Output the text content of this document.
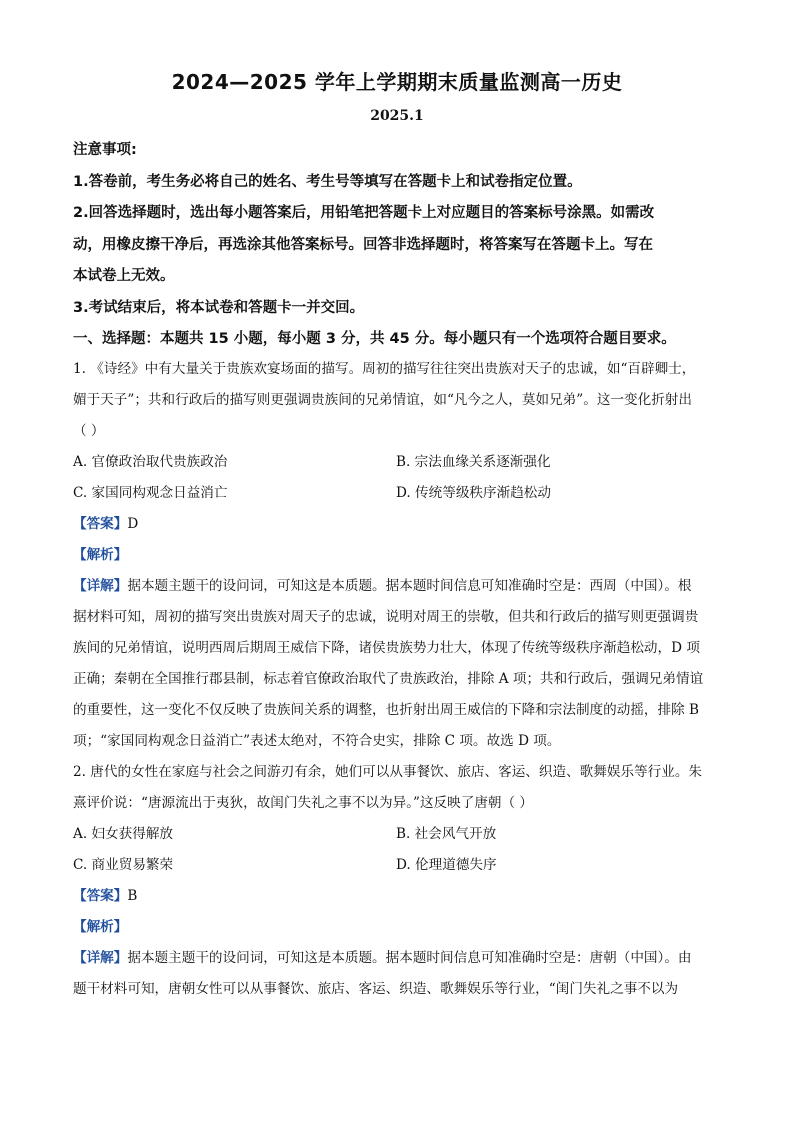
2024—2025 学年上学期期末质量监测高一历史
2025.1
注意事项:
1.答卷前，考生务必将自己的姓名、考生号等填写在答题卡上和试卷指定位置。
2.回答选择题时，选出每小题答案后，用铅笔把答题卡上对应题目的答案标号涂黑。如需改
动，用橡皮擦干净后，再选涂其他答案标号。回答非选择题时，将答案写在答题卡上。写在
本试卷上无效。
3.考试结束后，将本试卷和答题卡一并交回。
一、选择题：本题共 15 小题，每小题 3 分，共 45 分。每小题只有一个选项符合题目要求。
1. 《诗经》中有大量关于贵族欢宴场面的描写。周初的描写往往突出贵族对天子的忠诚，如“百辟卿士，
媚于天子”；共和行政后的描写则更强调贵族间的兄弟情谊，如“凡今之人，莫如兄弟”。这一变化折射出
（ ）
A. 官僚政治取代贵族政治	B. 宗法血缘关系逐渐强化
C. 家国同构观念日益消亡	D. 传统等级秩序渐趋松动
【答案】D
【解析】
【详解】据本题主题干的设问词，可知这是本质题。据本题时间信息可知准确时空是：西周（中国）。根
据材料可知，周初的描写突出贵族对周天子的忠诚，说明对周王的崇敬，但共和行政后的描写则更强调贵
族间的兄弟情谊，说明西周后期周王威信下降，诸侯贵族势力壮大，体现了传统等级秩序渐趋松动，D 项
正确；秦朝在全国推行郡县制，标志着官僚政治取代了贵族政治，排除 A 项；共和行政后，强调兄弟情谊
的重要性，这一变化不仅反映了贵族间关系的调整，也折射出周王威信的下降和宗法制度的动摇，排除 B
项；“家国同构观念日益消亡”表述太绝对，不符合史实，排除 C 项。故选 D 项。
2. 唐代的女性在家庭与社会之间游刃有余，她们可以从事餐饮、旅店、客运、织造、歌舞娱乐等行业。朱
熹评价说：“唐源流出于夷狄，故闺门失礼之事不以为异。”这反映了唐朝（ ）
A. 妇女获得解放	B. 社会风气开放
C. 商业贸易繁荣	D. 伦理道德失序
【答案】B
【解析】
【详解】据本题主题干的设问词，可知这是本质题。据本题时间信息可知准确时空是：唐朝（中国）。由
题干材料可知，唐朝女性可以从事餐饮、旅店、客运、织造、歌舞娱乐等行业，“闺门失礼之事不以为
